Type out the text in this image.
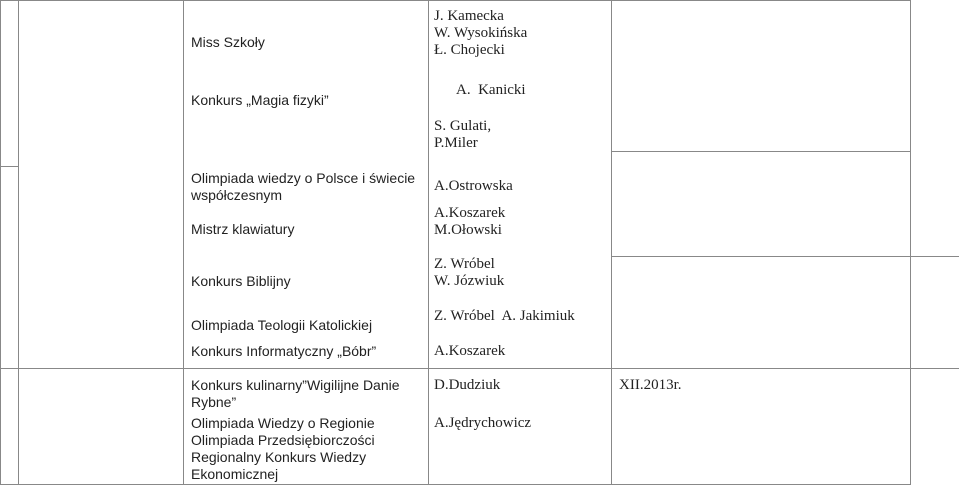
Miss Szkoły
Konkurs „Magia fizyki”
Olimpiada wiedzy o Polsce i świecie
współczesnym
Mistrz klawiatury
Konkurs Biblijny
Olimpiada Teologii Katolickiej
Konkurs Informatyczny „Bóbr”
Konkurs kulinarny”Wigilijne Danie
Rybne”
Olimpiada Wiedzy o Regionie
Olimpiada Przedsiębiorczości
Regionalny Konkurs Wiedzy
Ekonomicznej
J. Kamecka
W. Wysokińska
Ł. Chojecki
A.  Kanicki
S. Gulati,
P.Miler
A.Ostrowska
A.Koszarek
M.Ołowski
Z. Wróbel
W. Józwiuk
Z. Wróbel  A. Jakimiuk
A.Koszarek
D.Dudziuk
A.Jędrychowicz
XII.2013r.
